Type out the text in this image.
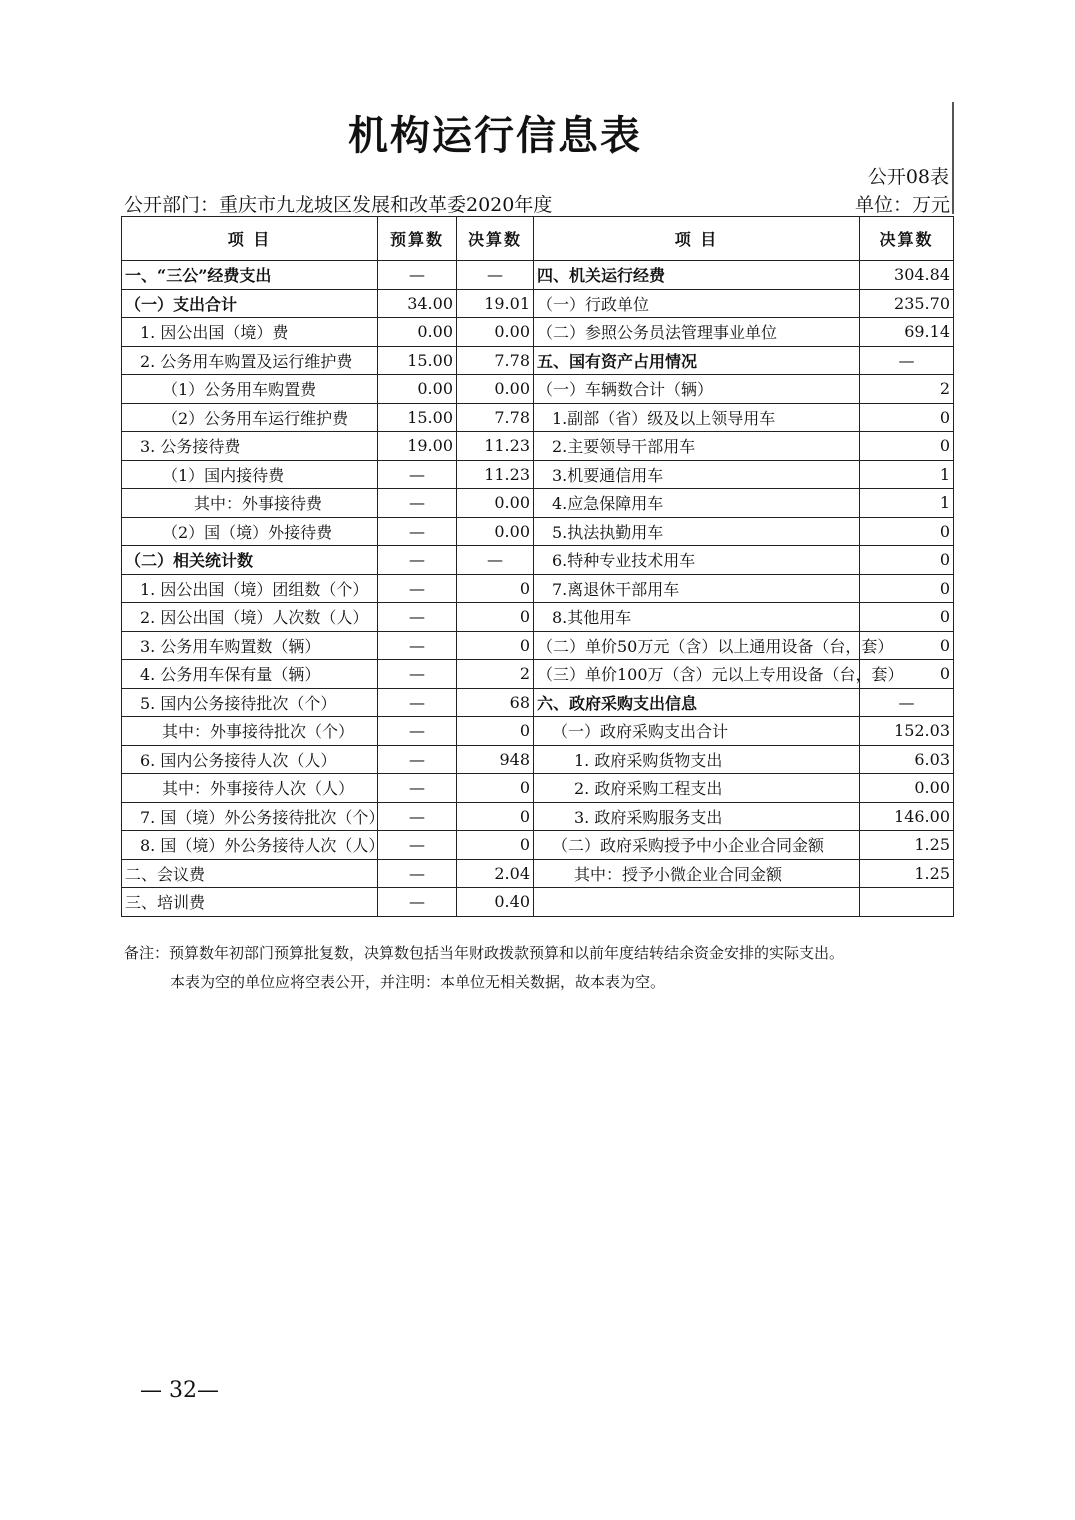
机构运行信息表
公开08表
公开部门：重庆市九龙坡区发展和改革委2020年度	单位：万元
项 目	预算数	决算数	项 目	决算数
一、“三公”经费支出	—	—	四、机关运行经费	304.84
（一）支出合计	34.00	19.01	（一）行政单位	235.70
1. 因公出国（境）费	0.00	0.00	（二）参照公务员法管理事业单位	69.14
2. 公务用车购置及运行维护费	15.00	7.78	五、国有资产占用情况	—
（1）公务用车购置费	0.00	0.00	（一）车辆数合计（辆）	2
（2）公务用车运行维护费	15.00	7.78	1.副部（省）级及以上领导用车	0
3. 公务接待费	19.00	11.23	2.主要领导干部用车	0
（1）国内接待费	—	11.23	3.机要通信用车	1
其中：外事接待费	—	0.00	4.应急保障用车	1
（2）国（境）外接待费	—	0.00	5.执法执勤用车	0
（二）相关统计数	—	—	6.特种专业技术用车	0
1. 因公出国（境）团组数（个）	—	0	7.离退休干部用车	0
2. 因公出国（境）人次数（人）	—	0	8.其他用车	0
3. 公务用车购置数（辆）	—	0	（二）单价50万元（含）以上通用设备（台，套）	0
4. 公务用车保有量（辆）	—	2	（三）单价100万（含）元以上专用设备（台，套）	0
5. 国内公务接待批次（个）	—	68	六、政府采购支出信息	—
其中：外事接待批次（个）	—	0	（一）政府采购支出合计	152.03
6. 国内公务接待人次（人）	—	948	1. 政府采购货物支出	6.03
其中：外事接待人次（人）	—	0	2. 政府采购工程支出	0.00
7. 国（境）外公务接待批次（个）	—	0	3. 政府采购服务支出	146.00
8. 国（境）外公务接待人次（人）	—	0	（二）政府采购授予中小企业合同金额	1.25
二、会议费	—	2.04	其中：授予小微企业合同金额	1.25
三、培训费	—	0.40		
备注：预算数年初部门预算批复数，决算数包括当年财政拨款预算和以前年度结转结余资金安排的实际支出。
本表为空的单位应将空表公开，并注明：本单位无相关数据，故本表为空。
— 32—
